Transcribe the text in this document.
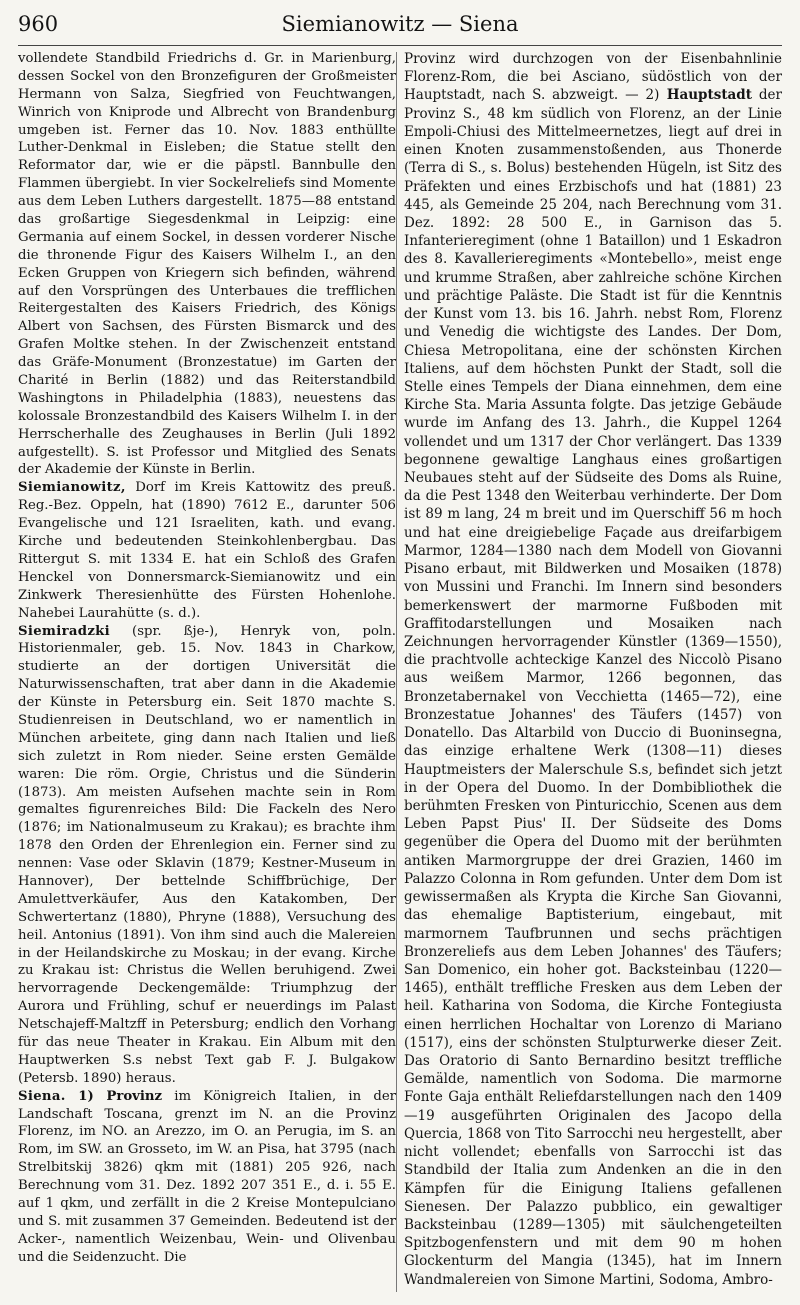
960	Siemianowitz — Siena

vollendete Standbild Friedrichs d. Gr. in Marienburg, dessen Sockel von den Bronzefiguren der Großmeister Hermann von Salza, Siegfried von Feuchtwangen, Winrich von Kniprode und Albrecht von Brandenburg umgeben ist. Ferner das 10. Nov. 1883 enthüllte Luther-Denkmal in Eisleben; die Statue stellt den Reformator dar, wie er die päpstl. Bannbulle den Flammen übergiebt. In vier Sockelreliefs sind Momente aus dem Leben Luthers dargestellt. 1875—88 entstand das großartige Siegesdenkmal in Leipzig: eine Germania auf einem Sockel, in dessen vorderer Nische die thronende Figur des Kaisers Wilhelm I., an den Ecken Gruppen von Kriegern sich befinden, während auf den Vorsprüngen des Unterbaues die trefflichen Reitergestalten des Kaisers Friedrich, des Königs Albert von Sachsen, des Fürsten Bismarck und des Grafen Moltke stehen. In der Zwischenzeit entstand das Gräfe-Monument (Bronzestatue) im Garten der Charité in Berlin (1882) und das Reiterstandbild Washingtons in Philadelphia (1883), neuestens das kolossale Bronzestandbild des Kaisers Wilhelm I. in der Herrscherhalle des Zeughauses in Berlin (Juli 1892 aufgestellt). S. ist Professor und Mitglied des Senats der Akademie der Künste in Berlin.

Siemianowitz, Dorf im Kreis Kattowitz des preuß. Reg.-Bez. Oppeln, hat (1890) 7612 E., darunter 506 Evangelische und 121 Israeliten, kath. und evang. Kirche und bedeutenden Steinkohlenbergbau. Das Rittergut S. mit 1334 E. hat ein Schloß des Grafen Henckel von Donnersmarck-Siemianowitz und ein Zinkwerk Theresienhütte des Fürsten Hohenlohe. Nahebei Laurahütte (s. d.).

Siemiradzki (spr. ßje-), Henryk von, poln. Historienmaler, geb. 15. Nov. 1843 in Charkow, studierte an der dortigen Universität die Naturwissenschaften, trat aber dann in die Akademie der Künste in Petersburg ein. Seit 1870 machte S. Studienreisen in Deutschland, wo er namentlich in München arbeitete, ging dann nach Italien und ließ sich zuletzt in Rom nieder. Seine ersten Gemälde waren: Die röm. Orgie, Christus und die Sünderin (1873). Am meisten Aufsehen machte sein in Rom gemaltes figurenreiches Bild: Die Fackeln des Nero (1876; im Nationalmuseum zu Krakau); es brachte ihm 1878 den Orden der Ehrenlegion ein. Ferner sind zu nennen: Vase oder Sklavin (1879; Kestner-Museum in Hannover), Der bettelnde Schiffbrüchige, Der Amulettverkäufer, Aus den Katakomben, Der Schwertertanz (1880), Phryne (1888), Versuchung des heil. Antonius (1891). Von ihm sind auch die Malereien in der Heilandskirche zu Moskau; in der evang. Kirche zu Krakau ist: Christus die Wellen beruhigend. Zwei hervorragende Deckengemälde: Triumphzug der Aurora und Frühling, schuf er neuerdings im Palast Netschajeff-Maltzff in Petersburg; endlich den Vorhang für das neue Theater in Krakau. Ein Album mit den Hauptwerken S.s nebst Text gab F. J. Bulgakow (Petersb. 1890) heraus.

Siena. 1) Provinz im Königreich Italien, in der Landschaft Toscana, grenzt im N. an die Provinz Florenz, im NO. an Arezzo, im O. an Perugia, im S. an Rom, im SW. an Grosseto, im W. an Pisa, hat 3795 (nach Strelbitskij 3826) qkm mit (1881) 205 926, nach Berechnung vom 31. Dez. 1892 207 351 E., d. i. 55 E. auf 1 qkm, und zerfällt in die 2 Kreise Montepulciano und S. mit zusammen 37 Gemeinden. Bedeutend ist der Acker-, namentlich Weizenbau, Wein- und Olivenbau und die Seidenzucht. Die

Provinz wird durchzogen von der Eisenbahnlinie Florenz-Rom, die bei Asciano, südöstlich von der Hauptstadt, nach S. abzweigt. — 2) Hauptstadt der Provinz S., 48 km südlich von Florenz, an der Linie Empoli-Chiusi des Mittelmeernetzes, liegt auf drei in einen Knoten zusammenstoßenden, aus Thonerde (Terra di S., s. Bolus) bestehenden Hügeln, ist Sitz des Präfekten und eines Erzbischofs und hat (1881) 23 445, als Gemeinde 25 204, nach Berechnung vom 31. Dez. 1892: 28 500 E., in Garnison das 5. Infanterieregiment (ohne 1 Bataillon) und 1 Eskadron des 8. Kavallerieregiments «Montebello», meist enge und krumme Straßen, aber zahlreiche schöne Kirchen und prächtige Paläste. Die Stadt ist für die Kenntnis der Kunst vom 13. bis 16. Jahrh. nebst Rom, Florenz und Venedig die wichtigste des Landes. Der Dom, Chiesa Metropolitana, eine der schönsten Kirchen Italiens, auf dem höchsten Punkt der Stadt, soll die Stelle eines Tempels der Diana einnehmen, dem eine Kirche Sta. Maria Assunta folgte. Das jetzige Gebäude wurde im Anfang des 13. Jahrh., die Kuppel 1264 vollendet und um 1317 der Chor verlängert. Das 1339 begonnene gewaltige Langhaus eines großartigen Neubaues steht auf der Südseite des Doms als Ruine, da die Pest 1348 den Weiterbau verhinderte. Der Dom ist 89 m lang, 24 m breit und im Querschiff 56 m hoch und hat eine dreigiebelige Façade aus dreifarbigem Marmor, 1284—1380 nach dem Modell von Giovanni Pisano erbaut, mit Bildwerken und Mosaiken (1878) von Mussini und Franchi. Im Innern sind besonders bemerkenswert der marmorne Fußboden mit Graffitodarstellungen und Mosaiken nach Zeichnungen hervorragender Künstler (1369—1550), die prachtvolle achteckige Kanzel des Niccolò Pisano aus weißem Marmor, 1266 begonnen, das Bronzetabernakel von Vecchietta (1465—72), eine Bronzestatue Johannes' des Täufers (1457) von Donatello. Das Altarbild von Duccio di Buoninsegna, das einzige erhaltene Werk (1308—11) dieses Hauptmeisters der Malerschule S.s, befindet sich jetzt in der Opera del Duomo. In der Dombibliothek die berühmten Fresken von Pinturicchio, Scenen aus dem Leben Papst Pius' II. Der Südseite des Doms gegenüber die Opera del Duomo mit der berühmten antiken Marmorgruppe der drei Grazien, 1460 im Palazzo Colonna in Rom gefunden. Unter dem Dom ist gewissermaßen als Krypta die Kirche San Giovanni, das ehemalige Baptisterium, eingebaut, mit marmornem Taufbrunnen und sechs prächtigen Bronzereliefs aus dem Leben Johannes' des Täufers; San Domenico, ein hoher got. Backsteinbau (1220—1465), enthält treffliche Fresken aus dem Leben der heil. Katharina von Sodoma, die Kirche Fontegiusta einen herrlichen Hochaltar von Lorenzo di Mariano (1517), eins der schönsten Stulpturwerke dieser Zeit. Das Oratorio di Santo Bernardino besitzt treffliche Gemälde, namentlich von Sodoma. Die marmorne Fonte Gaja enthält Reliefdarstellungen nach den 1409—19 ausgeführten Originalen des Jacopo della Quercia, 1868 von Tito Sarrocchi neu hergestellt, aber nicht vollendet; ebenfalls von Sarrocchi ist das Standbild der Italia zum Andenken an die in den Kämpfen für die Einigung Italiens gefallenen Sienesen. Der Palazzo pubblico, ein gewaltiger Backsteinbau (1289—1305) mit säulchengeteilten Spitzbogenfenstern und mit dem 90 m hohen Glockenturm del Mangia (1345), hat im Innern Wandmalereien von Simone Martini, Sodoma, Ambro-
